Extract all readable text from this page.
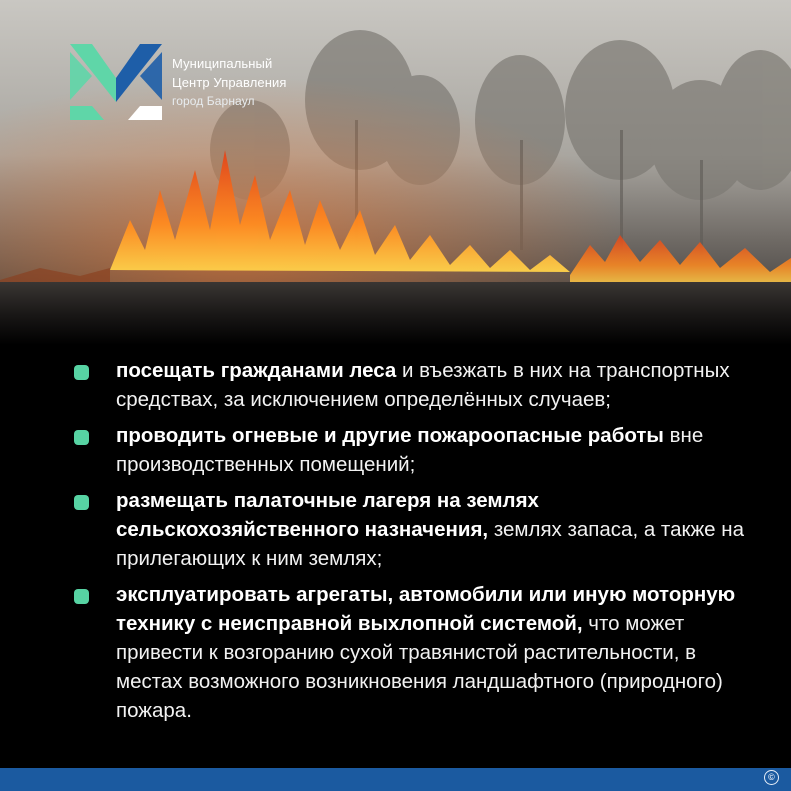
Муниципальный
Центр Управления
город Барнаул
посещать гражданами леса и въезжать в них на транспортных средствах, за исключением определённых случаев;
проводить огневые и другие пожароопасные работы вне производственных помещений;
размещать палаточные лагеря на землях сельскохозяйственного назначения, землях запаса, а также на прилегающих к ним землях;
эксплуатировать агрегаты, автомобили или иную моторную технику с неисправной выхлопной системой, что может привести к возгоранию сухой травянистой растительности, в местах возможного возникновения ландшафтного (природного) пожара.
©
